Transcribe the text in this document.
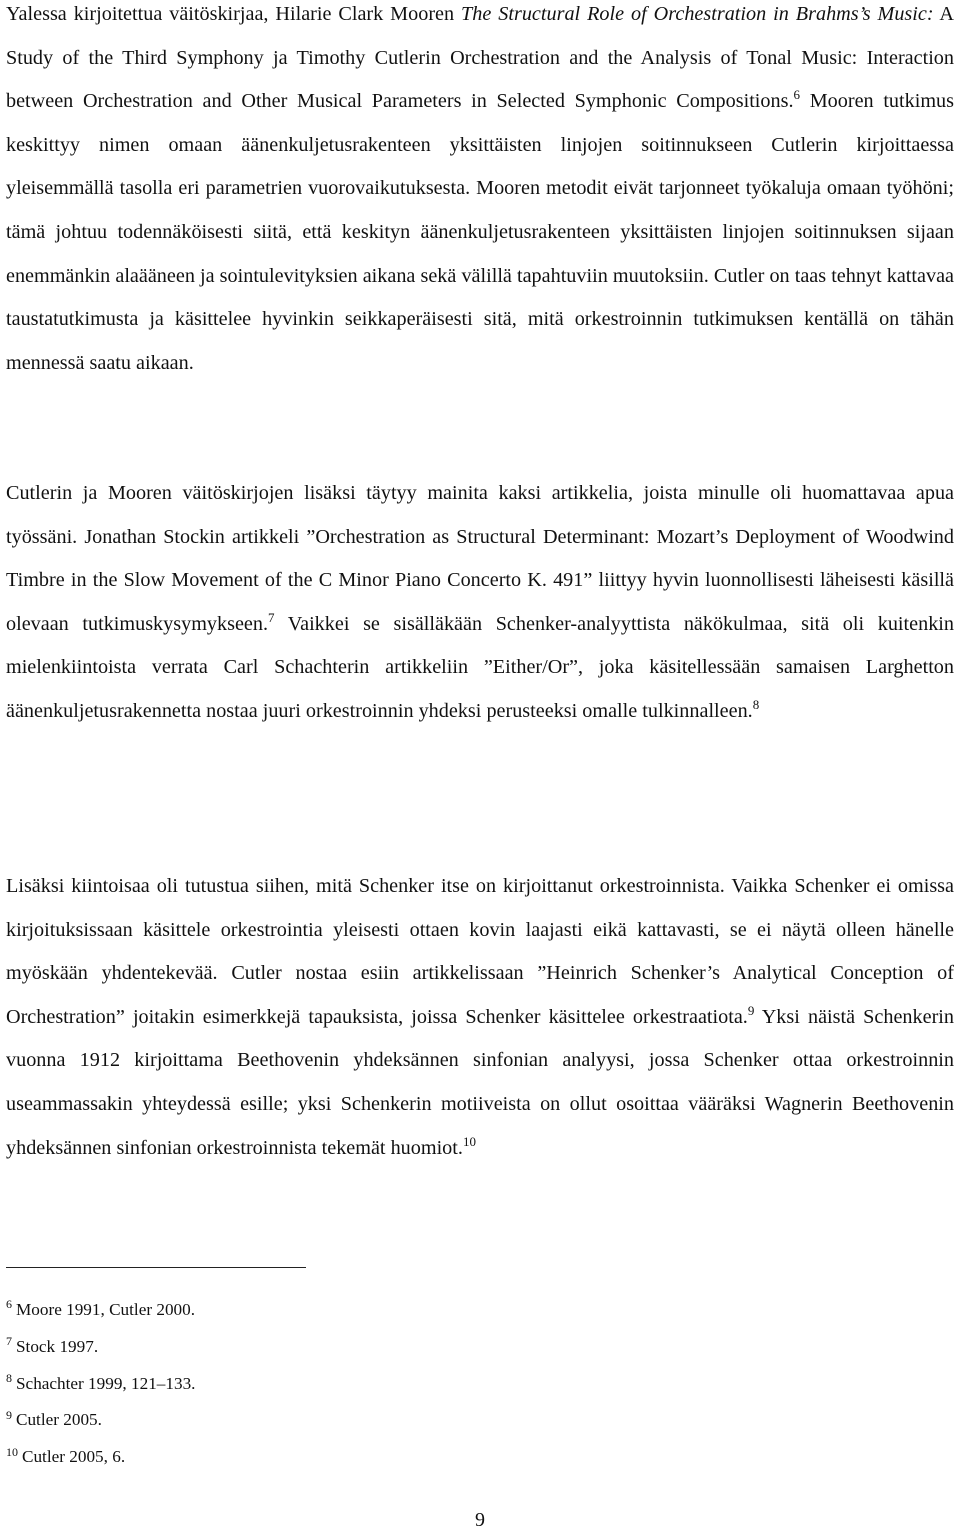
Yalessa kirjoitettua väitöskirjaa, Hilarie Clark Mooren The Structural Role of Orchestration in Brahms’s Music: A Study of the Third Symphony ja Timothy Cutlerin Orchestration and the Analysis of Tonal Music: Interaction between Orchestration and Other Musical Parameters in Selected Symphonic Compositions.$^6$ Mooren tutkimus keskittyy nimen omaan äänenkuljetusrakenteen yksittäisten linjojen soitinnukseen Cutlerin kirjoittaessa yleisemmällä tasolla eri parametrien vuorovaikutuksesta. Mooren metodit eivät tarjonneet työkaluja omaan työhöni; tämä johtuu todennäköisesti siitä, että keskityn äänenkuljetusrakenteen yksittäisten linjojen soitinnuksen sijaan enemmänkin alaääneen ja sointulevityksien aikana sekä välillä tapahtuviin muutoksiin. Cutler on taas tehnyt kattavaa taustatutkimusta ja käsittelee hyvinkin seikkaperäisesti sitä, mitä orkestroinnin tutkimuksen kentällä on tähän mennessä saatu aikaan.

Cutlerin ja Mooren väitöskirjojen lisäksi täytyy mainita kaksi artikkelia, joista minulle oli huomattavaa apua työssäni. Jonathan Stockin artikkeli ”Orchestration as Structural Determinant: Mozart’s Deployment of Woodwind Timbre in the Slow Movement of the C Minor Piano Concerto K. 491” liittyy hyvin luonnollisesti läheisesti käsillä olevaan tutkimuskysymykseen.$^7$ Vaikkei se sisälläkään Schenker-analyyttista näkökulmaa, sitä oli kuitenkin mielenkiintoista verrata Carl Schachterin artikkeliin ”Either/Or”, joka käsitellessään samaisen Larghetton äänenkuljetusrakennetta nostaa juuri orkestroinnin yhdeksi perusteeksi omalle tulkinnalleen.$^8$

Lisäksi kiintoisaa oli tutustua siihen, mitä Schenker itse on kirjoittanut orkestroinnista. Vaikka Schenker ei omissa kirjoituksissaan käsittele orkestrointia yleisesti ottaen kovin laajasti eikä kattavasti, se ei näytä olleen hänelle myöskään yhdentekevää. Cutler nostaa esiin artikkelissaan ”Heinrich Schenker’s Analytical Conception of Orchestration” joitakin esimerkkejä tapauksista, joissa Schenker käsittelee orkestraatiota.$^9$ Yksi näistä Schenkerin vuonna 1912 kirjoittama Beethovenin yhdeksännen sinfonian analyysi, jossa Schenker ottaa orkestroinnin useammassakin yhteydessä esille; yksi Schenkerin motiiveista on ollut osoittaa vääräksi Wagnerin Beethovenin yhdeksännen sinfonian orkestroinnista tekemät huomiot.$^{10}$

$^6$ Moore 1991, Cutler 2000.
$^7$ Stock 1997.
$^8$ Schachter 1999, 121–133.
$^9$ Cutler 2005.
$^{10}$ Cutler 2005, 6.
9
